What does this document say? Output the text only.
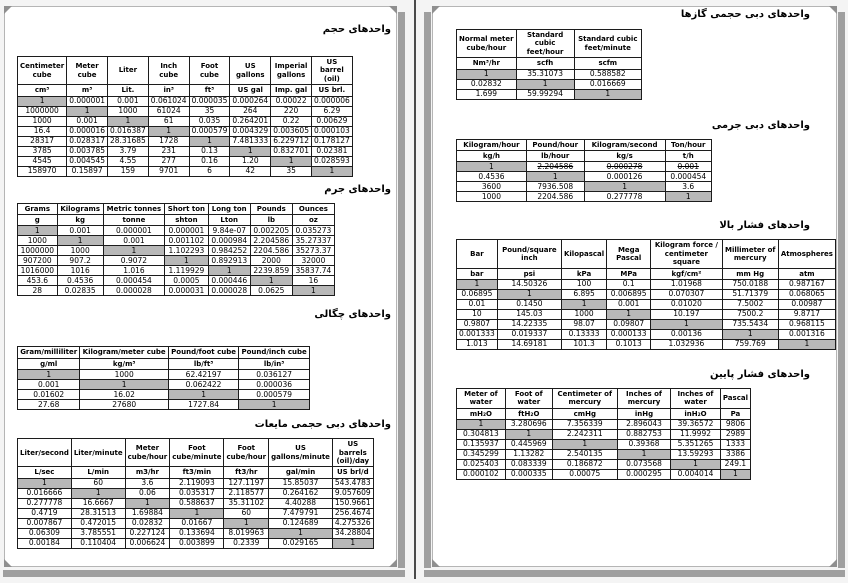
واحدهای حجم
Centimeter cube	Meter cube	Liter	Inch cube	Foot cube	US gallons	Imperial gallons	US barrel (oil)
cm³	m³	Lit.	in³	ft³	US gal	Imp. gal	US brl.
1	0.000001	0.001	0.061024	0.000035	0.000264	0.00022	0.000006
1000000	1	1000	61024	35	264	220	6.29
1000	0.001	1	61	0.035	0.264201	0.22	0.00629
16.4	0.000016	0.016387	1	0.000579	0.004329	0.003605	0.000103
28317	0.028317	28.31685	1728	1	7.481333	6.229712	0.178127
3785	0.003785	3.79	231	0.13	1	0.832701	0.02381
4545	0.004545	4.55	277	0.16	1.20	1	0.028593
158970	0.15897	159	9701	6	42	35	1
واحدهای جرم
Grams	Kilograms	Metric tonnes	Short ton	Long ton	Pounds	Ounces
g	kg	tonne	shton	Lton	lb	oz
1	0.001	0.000001	0.000001	9.84e-07	0.002205	0.035273
1000	1	0.001	0.001102	0.000984	2.204586	35.27337
1000000	1000	1	1.102293	0.984252	2204.586	35273.37
907200	907.2	0.9072	1	0.892913	2000	32000
1016000	1016	1.016	1.119929	1	2239.859	35837.74
453.6	0.4536	0.000454	0.0005	0.000446	1	16
28	0.02835	0.000028	0.000031	0.000028	0.0625	1
واحدهای چگالی
Gram/milliliter	Kilogram/meter cube	Pound/foot cube	Pound/inch cube
g/ml	kg/m³	lb/ft³	lb/in³
1	1000	62.42197	0.036127
0.001	1	0.062422	0.000036
0.01602	16.02	1	0.000579
27.68	27680	1727.84	1
واحدهای دبی حجمی مایعات
Liter/second	Liter/minute	Meter cube/hour	Foot cube/minute	Foot cube/hour	US gallons/minute	US barrels (oil)/day
L/sec	L/min	m3/hr	ft3/min	ft3/hr	gal/min	US brl/d
1	60	3.6	2.119093	127.1197	15.85037	543.4783
0.016666	1	0.06	0.035317	2.118577	0.264162	9.057609
0.277778	16.6667	1	0.588637	35.31102	4.40288	150.9661
0.4719	28.31513	1.69884	1	60	7.479791	256.4674
0.007867	0.472015	0.02832	0.01667	1	0.124689	4.275326
0.06309	3.785551	0.227124	0.133694	8.019963	1	34.28804
0.00184	0.110404	0.006624	0.003899	0.2339	0.029165	1
واحدهای دبی حجمی گازها
Normal meter cube/hour	Standard cubic feet/hour	Standard cubic feet/minute
Nm³/hr	scfh	scfm
1	35.31073	0.588582
0.02832	1	0.016669
1.699	59.99294	1
واحدهای دبی جرمی
Kilogram/hour	Pound/hour	Kilogram/second	Ton/hour
kg/h	lb/hour	kg/s	t/h
1	2.204586	0.000278	0.001
0.4536	1	0.000126	0.000454
3600	7936.508	1	3.6
1000	2204.586	0.277778	1
واحدهای فشار بالا
Bar	Pound/square inch	Kilopascal	Mega Pascal	Kilogram force / centimeter square	Millimeter of mercury	Atmospheres
bar	psi	kPa	MPa	kgf/cm²	mm Hg	atm
1	14.50326	100	0.1	1.01968	750.0188	0.987167
0.06895	1	6.895	0.006895	0.070307	51.71379	0.068065
0.01	0.1450	1	0.001	0.01020	7.5002	0.00987
10	145.03	1000	1	10.197	7500.2	9.8717
0.9807	14.22335	98.07	0.09807	1	735.5434	0.968115
0.001333	0.019337	0.13333	0.000133	0.00136	1	0.001316
1.013	14.69181	101.3	0.1013	1.032936	759.769	1
واحدهای فشار پایین
Meter of water	Foot of water	Centimeter of mercury	Inches of mercury	Inches of water	Pascal
mH₂O	ftH₂O	cmHg	inHg	inH₂O	Pa
1	3.280696	7.356339	2.896043	39.36572	9806
0.304813	1	2.242311	0.882753	11.9992	2989
0.135937	0.445969	1	0.39368	5.351265	1333
0.345299	1.13282	2.540135	1	13.59293	3386
0.025403	0.083339	0.186872	0.073568	1	249.1
0.000102	0.000335	0.00075	0.000295	0.004014	1
